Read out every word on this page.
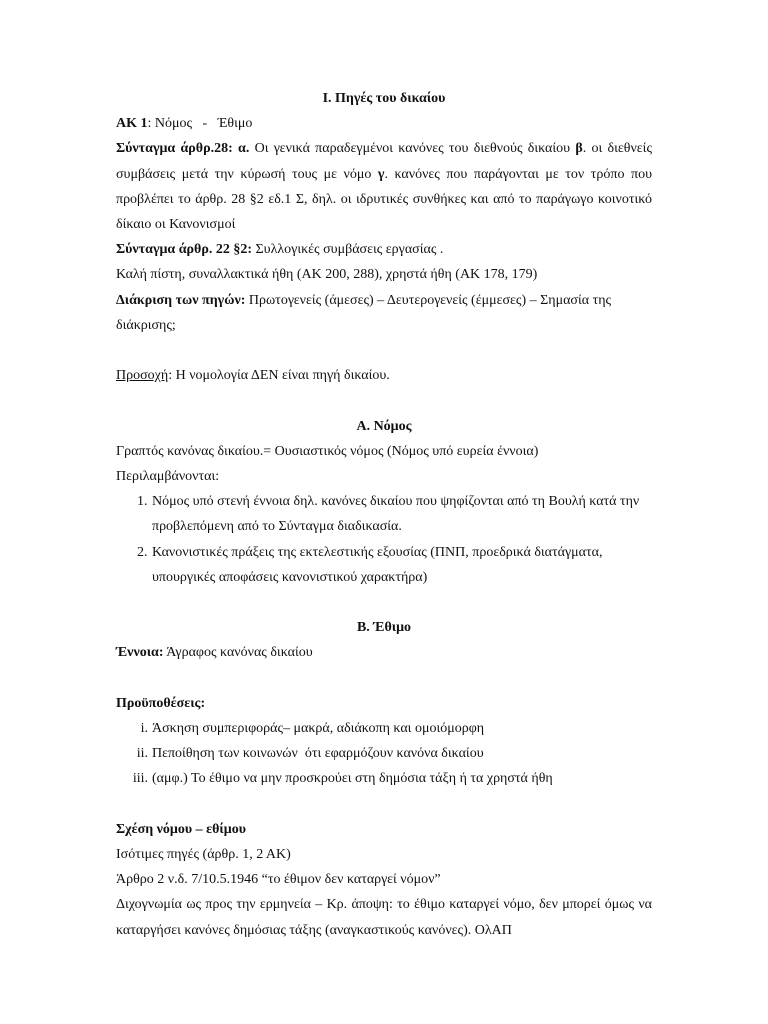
Ι. Πηγές του δικαίου

ΑΚ 1: Νόμος   -   Έθιμο

Σύνταγμα άρθρ.28: α. Οι γενικά παραδεγμένοι κανόνες του διεθνούς δικαίου β. οι διεθνείς συμβάσεις μετά την κύρωσή τους με νόμο γ. κανόνες που παράγονται με τον τρόπο που προβλέπει το άρθρ. 28 §2 εδ.1 Σ, δηλ. οι ιδρυτικές συνθήκες και από το παράγωγο κοινοτικό δίκαιο οι Κανονισμοί

Σύνταγμα άρθρ. 22 §2: Συλλογικές συμβάσεις εργασίας .

Καλή πίστη, συναλλακτικά ήθη (ΑΚ 200, 288), χρηστά ήθη (ΑΚ 178, 179)

Διάκριση των πηγών: Πρωτογενείς (άμεσες) – Δευτερογενείς (έμμεσες) – Σημασία της διάκρισης;

Προσοχή: Η νομολογία ΔΕΝ είναι πηγή δικαίου.

Α. Νόμος

Γραπτός κανόνας δικαίου.= Ουσιαστικός νόμος (Νόμος υπό ευρεία έννοια)

Περιλαμβάνονται:

1. Νόμος υπό στενή έννοια δηλ. κανόνες δικαίου που ψηφίζονται από τη Βουλή κατά την προβλεπόμενη από το Σύνταγμα διαδικασία.
2. Κανονιστικές πράξεις της εκτελεστικής εξουσίας (ΠΝΠ, προεδρικά διατάγματα, υπουργικές αποφάσεις κανονιστικού χαρακτήρα)

Β. Έθιμο

Έννοια: Άγραφος κανόνας δικαίου

Προϋποθέσεις:

i. Άσκηση συμπεριφοράς– μακρά, αδιάκοπη και ομοιόμορφη
ii. Πεποίθηση των κοινωνών  ότι εφαρμόζουν κανόνα δικαίου
iii. (αμφ.) Το έθιμο να μην προσκρούει στη δημόσια τάξη ή τα χρηστά ήθη

Σχέση νόμου – εθίμου

Ισότιμες πηγές (άρθρ. 1, 2 ΑΚ)

Άρθρο 2 ν.δ. 7/10.5.1946 “το έθιμον δεν καταργεί νόμον”

Διχογνωμία ως προς την ερμηνεία – Κρ. άποψη: το έθιμο καταργεί νόμο, δεν μπορεί όμως να καταργήσει κανόνες δημόσιας τάξης (αναγκαστικούς κανόνες). ΟλΑΠ
